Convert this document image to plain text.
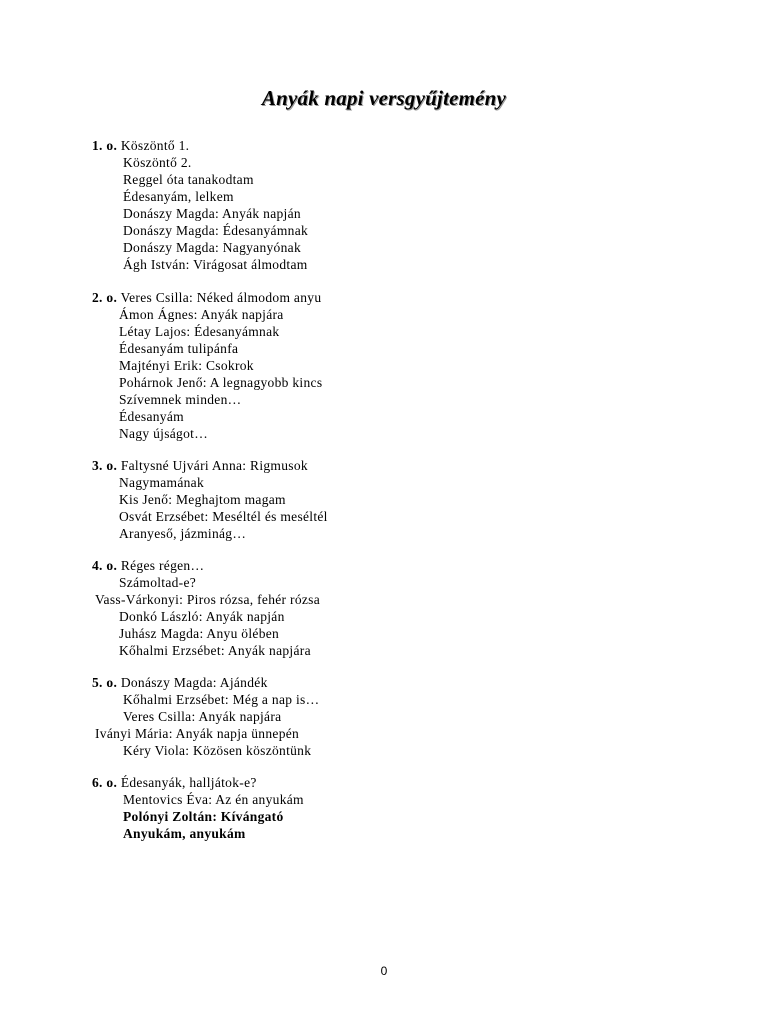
Anyák napi versgyűjtemény
1. o. Köszöntő 1.
Köszöntő 2.
Reggel óta tanakodtam
Édesanyám, lelkem
Donászy Magda: Anyák napján
Donászy Magda: Édesanyámnak
Donászy Magda: Nagyanyónak
Ágh István: Virágosat álmodtam
2. o. Veres Csilla: Néked álmodom anyu
Ámon Ágnes: Anyák napjára
Létay Lajos: Édesanyámnak
Édesanyám tulipánfa
Majtényi Erik: Csokrok
Pohárnok Jenő: A legnagyobb kincs
Szívemnek minden…
Édesanyám
Nagy újságot…
3. o. Faltysné Ujvári Anna: Rigmusok
Nagymamának
Kis Jenő: Meghajtom magam
Osvát Erzsébet: Meséltél és meséltél
Aranyeső, jázminág…
4. o. Réges régen…
Számoltad-e?
Vass-Várkonyi: Piros rózsa, fehér rózsa
Donkó László: Anyák napján
Juhász Magda: Anyu ölében
Kőhalmi Erzsébet: Anyák napjára
5. o. Donászy Magda: Ajándék
Kőhalmi Erzsébet: Még a nap is…
Veres Csilla: Anyák napjára
Iványi Mária: Anyák napja ünnepén
Kéry Viola: Közösen köszöntünk
6. o. Édesanyák, halljátok-e?
Mentovics Éva: Az én anyukám
Polónyi Zoltán: Kívángató
Anyukám, anyukám
0
